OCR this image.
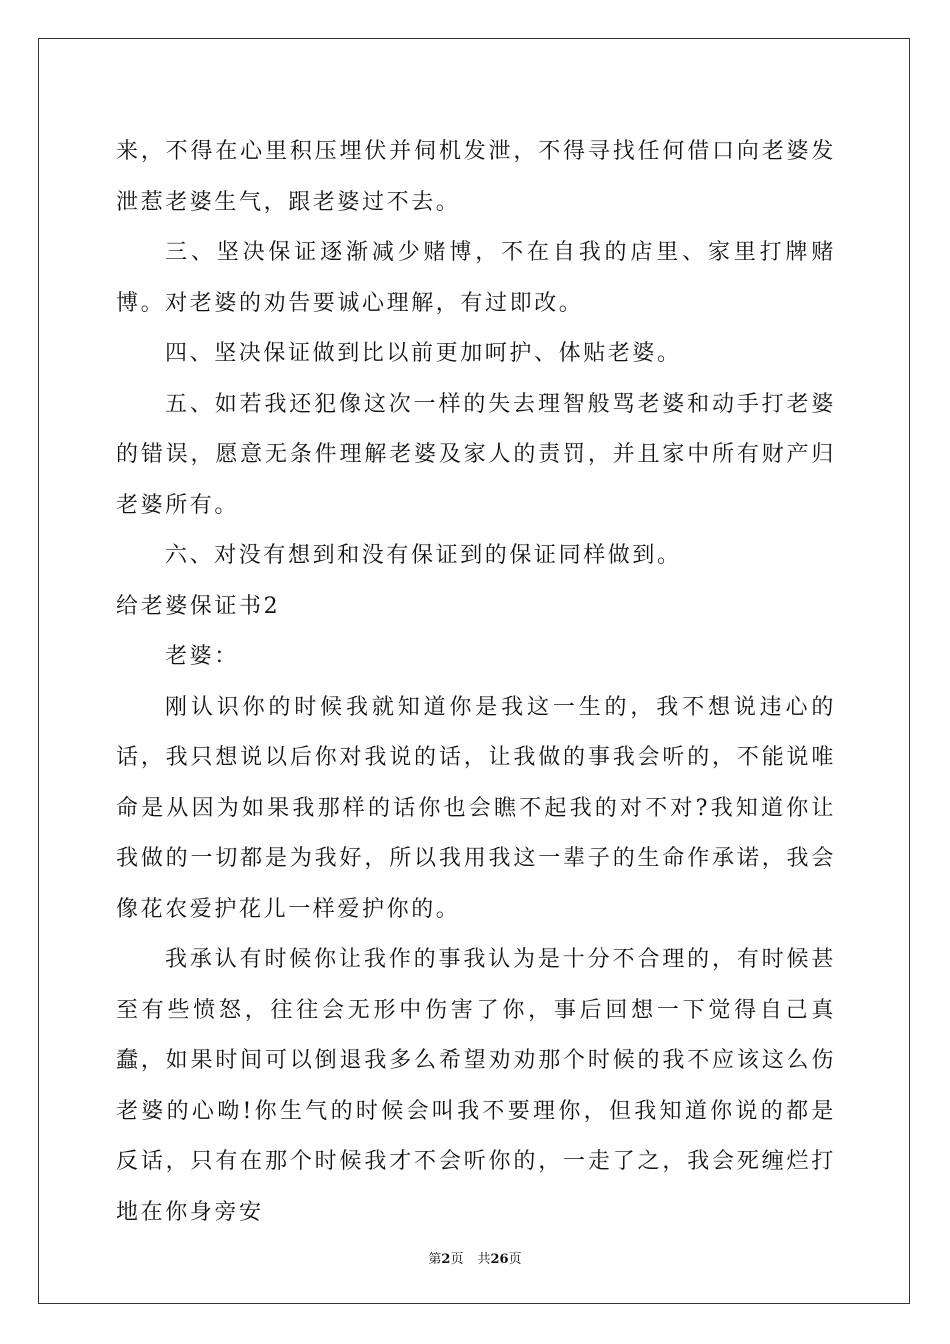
来，不得在心里积压埋伏并伺机发泄，不得寻找任何借口向老婆发泄惹老婆生气，跟老婆过不去。

三、坚决保证逐渐减少赌博，不在自我的店里、家里打牌赌博。对老婆的劝告要诚心理解，有过即改。

四、坚决保证做到比以前更加呵护、体贴老婆。

五、如若我还犯像这次一样的失去理智般骂老婆和动手打老婆的错误，愿意无条件理解老婆及家人的责罚，并且家中所有财产归老婆所有。

六、对没有想到和没有保证到的保证同样做到。

给老婆保证书2

老婆：

刚认识你的时候我就知道你是我这一生的，我不想说违心的话，我只想说以后你对我说的话，让我做的事我会听的，不能说唯命是从因为如果我那样的话你也会瞧不起我的对不对?我知道你让我做的一切都是为我好，所以我用我这一辈子的生命作承诺，我会像花农爱护花儿一样爱护你的。

我承认有时候你让我作的事我认为是十分不合理的，有时候甚至有些愤怒，往往会无形中伤害了你，事后回想一下觉得自己真蠢，如果时间可以倒退我多么希望劝劝那个时候的我不应该这么伤老婆的心呦!你生气的时候会叫我不要理你，但我知道你说的都是反话，只有在那个时候我才不会听你的，一走了之，我会死缠烂打地在你身旁安

第2页 共26页
